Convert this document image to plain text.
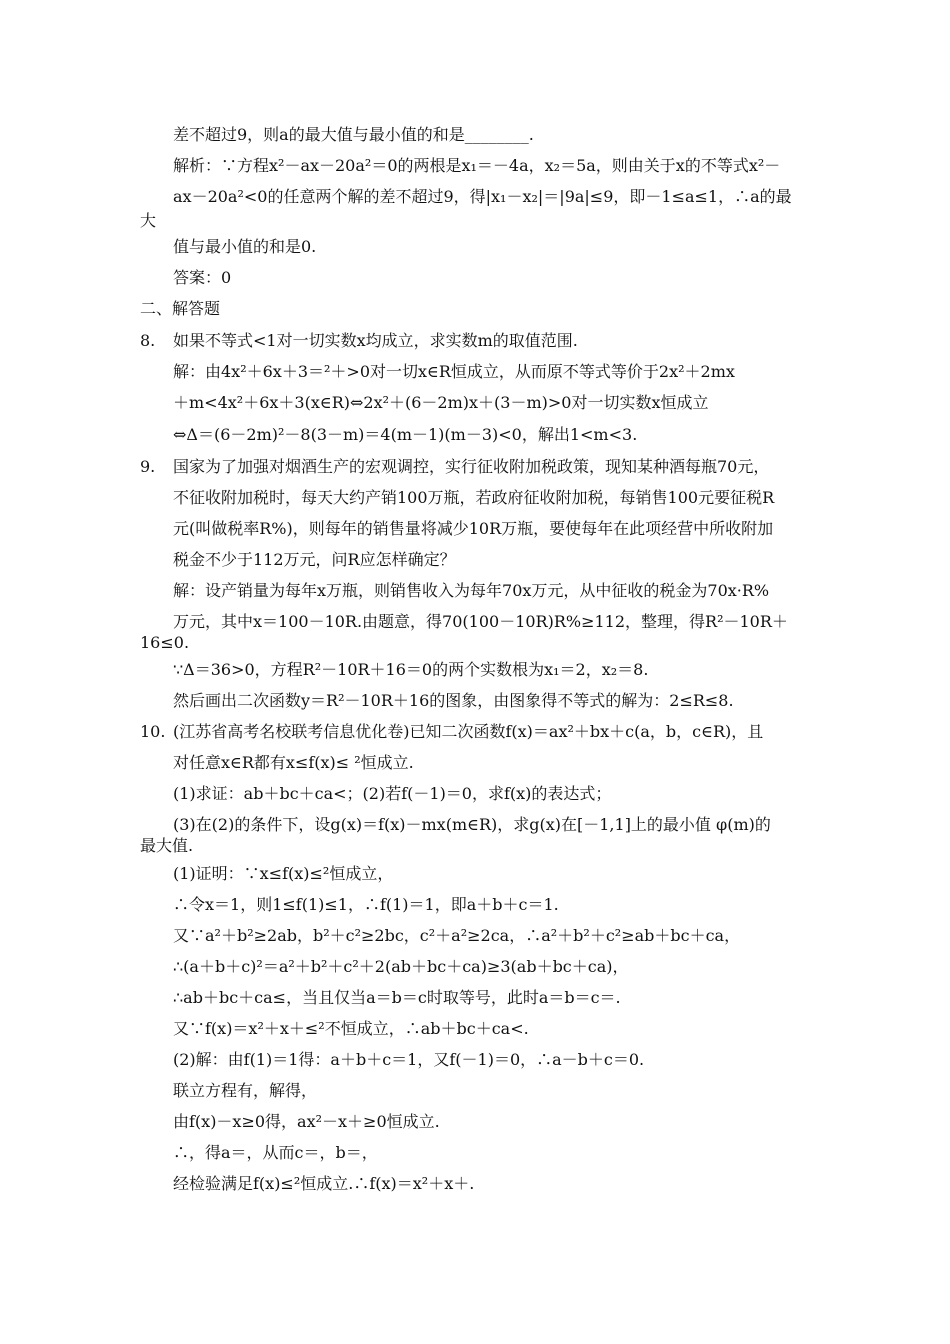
差不超过9，则a的最大值与最小值的和是________.
解析：∵方程x²－ax－20a²＝0的两根是x₁＝－4a，x₂＝5a，则由关于x的不等式x²－
ax－20a²<0的任意两个解的差不超过9，得|x₁－x₂|＝|9a|≤9，即－1≤a≤1，∴a的最
大
值与最小值的和是0.
答案：0
二、解答题
8. 如果不等式<1对一切实数x均成立，求实数m的取值范围.
解：由4x²＋6x＋3＝²＋>0对一切x∈R恒成立，从而原不等式等价于2x²＋2mx
＋m<4x²＋6x＋3(x∈R)⇔2x²＋(6－2m)x＋(3－m)>0对一切实数x恒成立
⇔Δ＝(6－2m)²－8(3－m)＝4(m－1)(m－3)<0，解出1<m<3.
9. 国家为了加强对烟酒生产的宏观调控，实行征收附加税政策，现知某种酒每瓶70元，
不征收附加税时，每天大约产销100万瓶，若政府征收附加税，每销售100元要征税R
元(叫做税率R%)，则每年的销售量将减少10R万瓶，要使每年在此项经营中所收附加
税金不少于112万元，问R应怎样确定？
解：设产销量为每年x万瓶，则销售收入为每年70x万元，从中征收的税金为70x·R%
万元，其中x＝100－10R.由题意，得70(100－10R)R%≥112，整理，得R²－10R＋
16≤0.
∵Δ＝36>0，方程R²－10R＋16＝0的两个实数根为x₁＝2，x₂＝8.
然后画出二次函数y＝R²－10R＋16的图象，由图象得不等式的解为：2≤R≤8.
10. (江苏省高考名校联考信息优化卷)已知二次函数f(x)＝ax²＋bx＋c(a，b，c∈R)，且
对任意x∈R都有x≤f(x)≤ ²恒成立.
(1)求证：ab＋bc＋ca<；(2)若f(－1)＝0，求f(x)的表达式；
(3)在(2)的条件下，设g(x)＝f(x)－mx(m∈R)，求g(x)在[－1,1]上的最小值 φ(m)的
最大值.
(1)证明：∵x≤f(x)≤²恒成立，
∴令x＝1，则1≤f(1)≤1，∴f(1)＝1，即a＋b＋c＝1.
又∵a²＋b²≥2ab，b²＋c²≥2bc，c²＋a²≥2ca，∴a²＋b²＋c²≥ab＋bc＋ca，
∴(a＋b＋c)²＝a²＋b²＋c²＋2(ab＋bc＋ca)≥3(ab＋bc＋ca)，
∴ab＋bc＋ca≤，当且仅当a＝b＝c时取等号，此时a＝b＝c＝.
又∵f(x)＝x²＋x＋≤²不恒成立，∴ab＋bc＋ca<.
(2)解：由f(1)＝1得：a＋b＋c＝1，又f(－1)＝0，∴a－b＋c＝0.
联立方程有，解得，
由f(x)－x≥0得，ax²－x＋≥0恒成立.
∴，得a＝，从而c＝，b＝，
经检验满足f(x)≤²恒成立.∴f(x)＝x²＋x＋.
